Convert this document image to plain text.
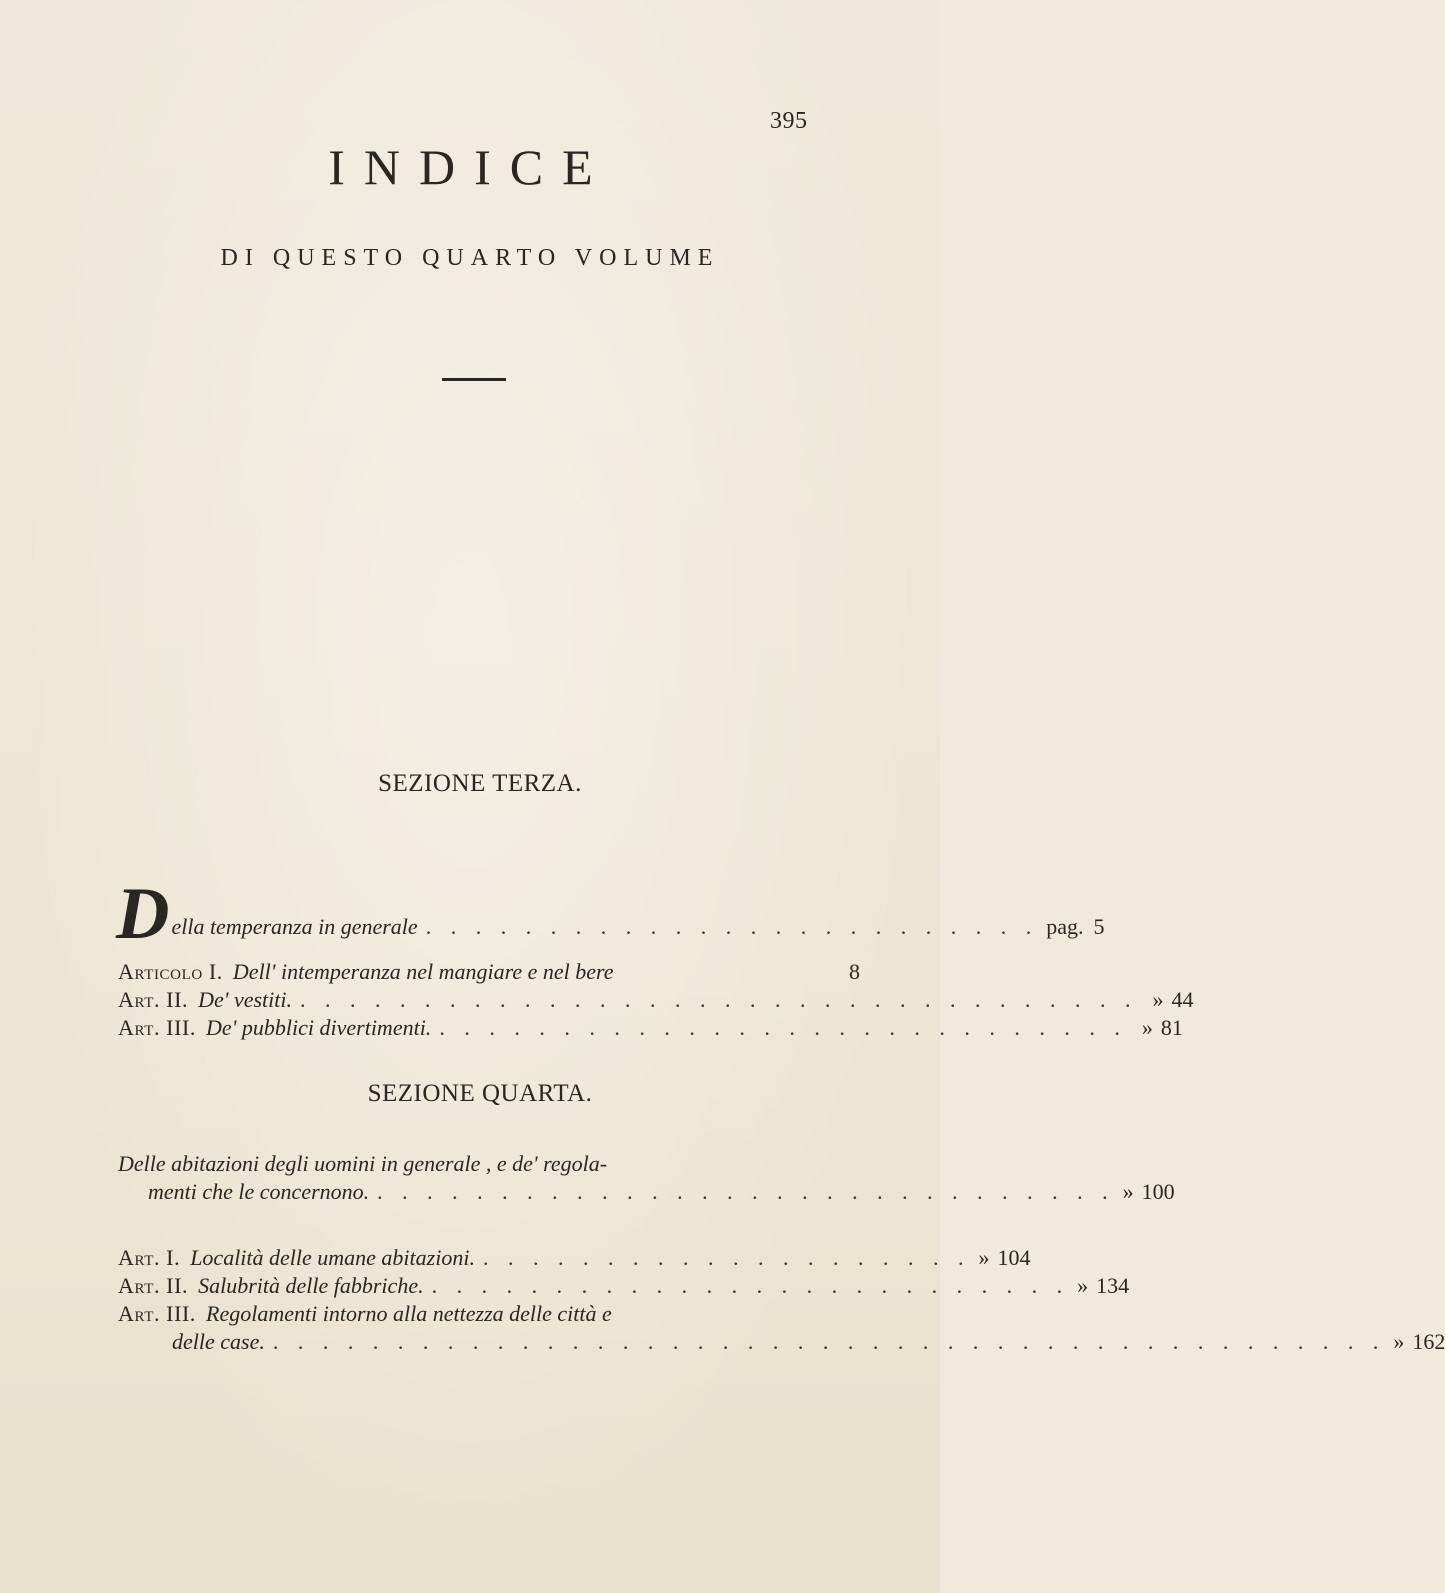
395
INDICE
DI QUESTO QUARTO VOLUME
SEZIONE TERZA.
D ella temperanza in generale . . . . . . . . . . . . . . . . . . . . . . . . . pag. 5
Articolo I. Dell' intemperanza nel mangiare e nel bere	8
Art. II. De' vestiti. . . . . . . . . . . . . . . . . . . . . . . . . . . . . . . . . . . » 44
Art. III. De' pubblici divertimenti. . . . . . . . . . . . . . . . . . . . . . . . . . . . . » 81
SEZIONE QUARTA.
Delle abitazioni degli uomini in generale , e de' regola-
menti che le concernono. . . . . . . . . . . . . . . . . . . . . . . . . . . . . . . » 100
Art. I. Località delle umane abitazioni. . . . . . . . . . . . . . . . . . . . . » 104
Art. II. Salubrità delle fabbriche. . . . . . . . . . . . . . . . . . . . . . . . . . . » 134
Art. III. Regolamenti intorno alla nettezza delle città e
delle case. . . . . . . . . . . . . . . . . . . . . . . . . . . . . . . . . . . . . . . . . . . . . . » 162
